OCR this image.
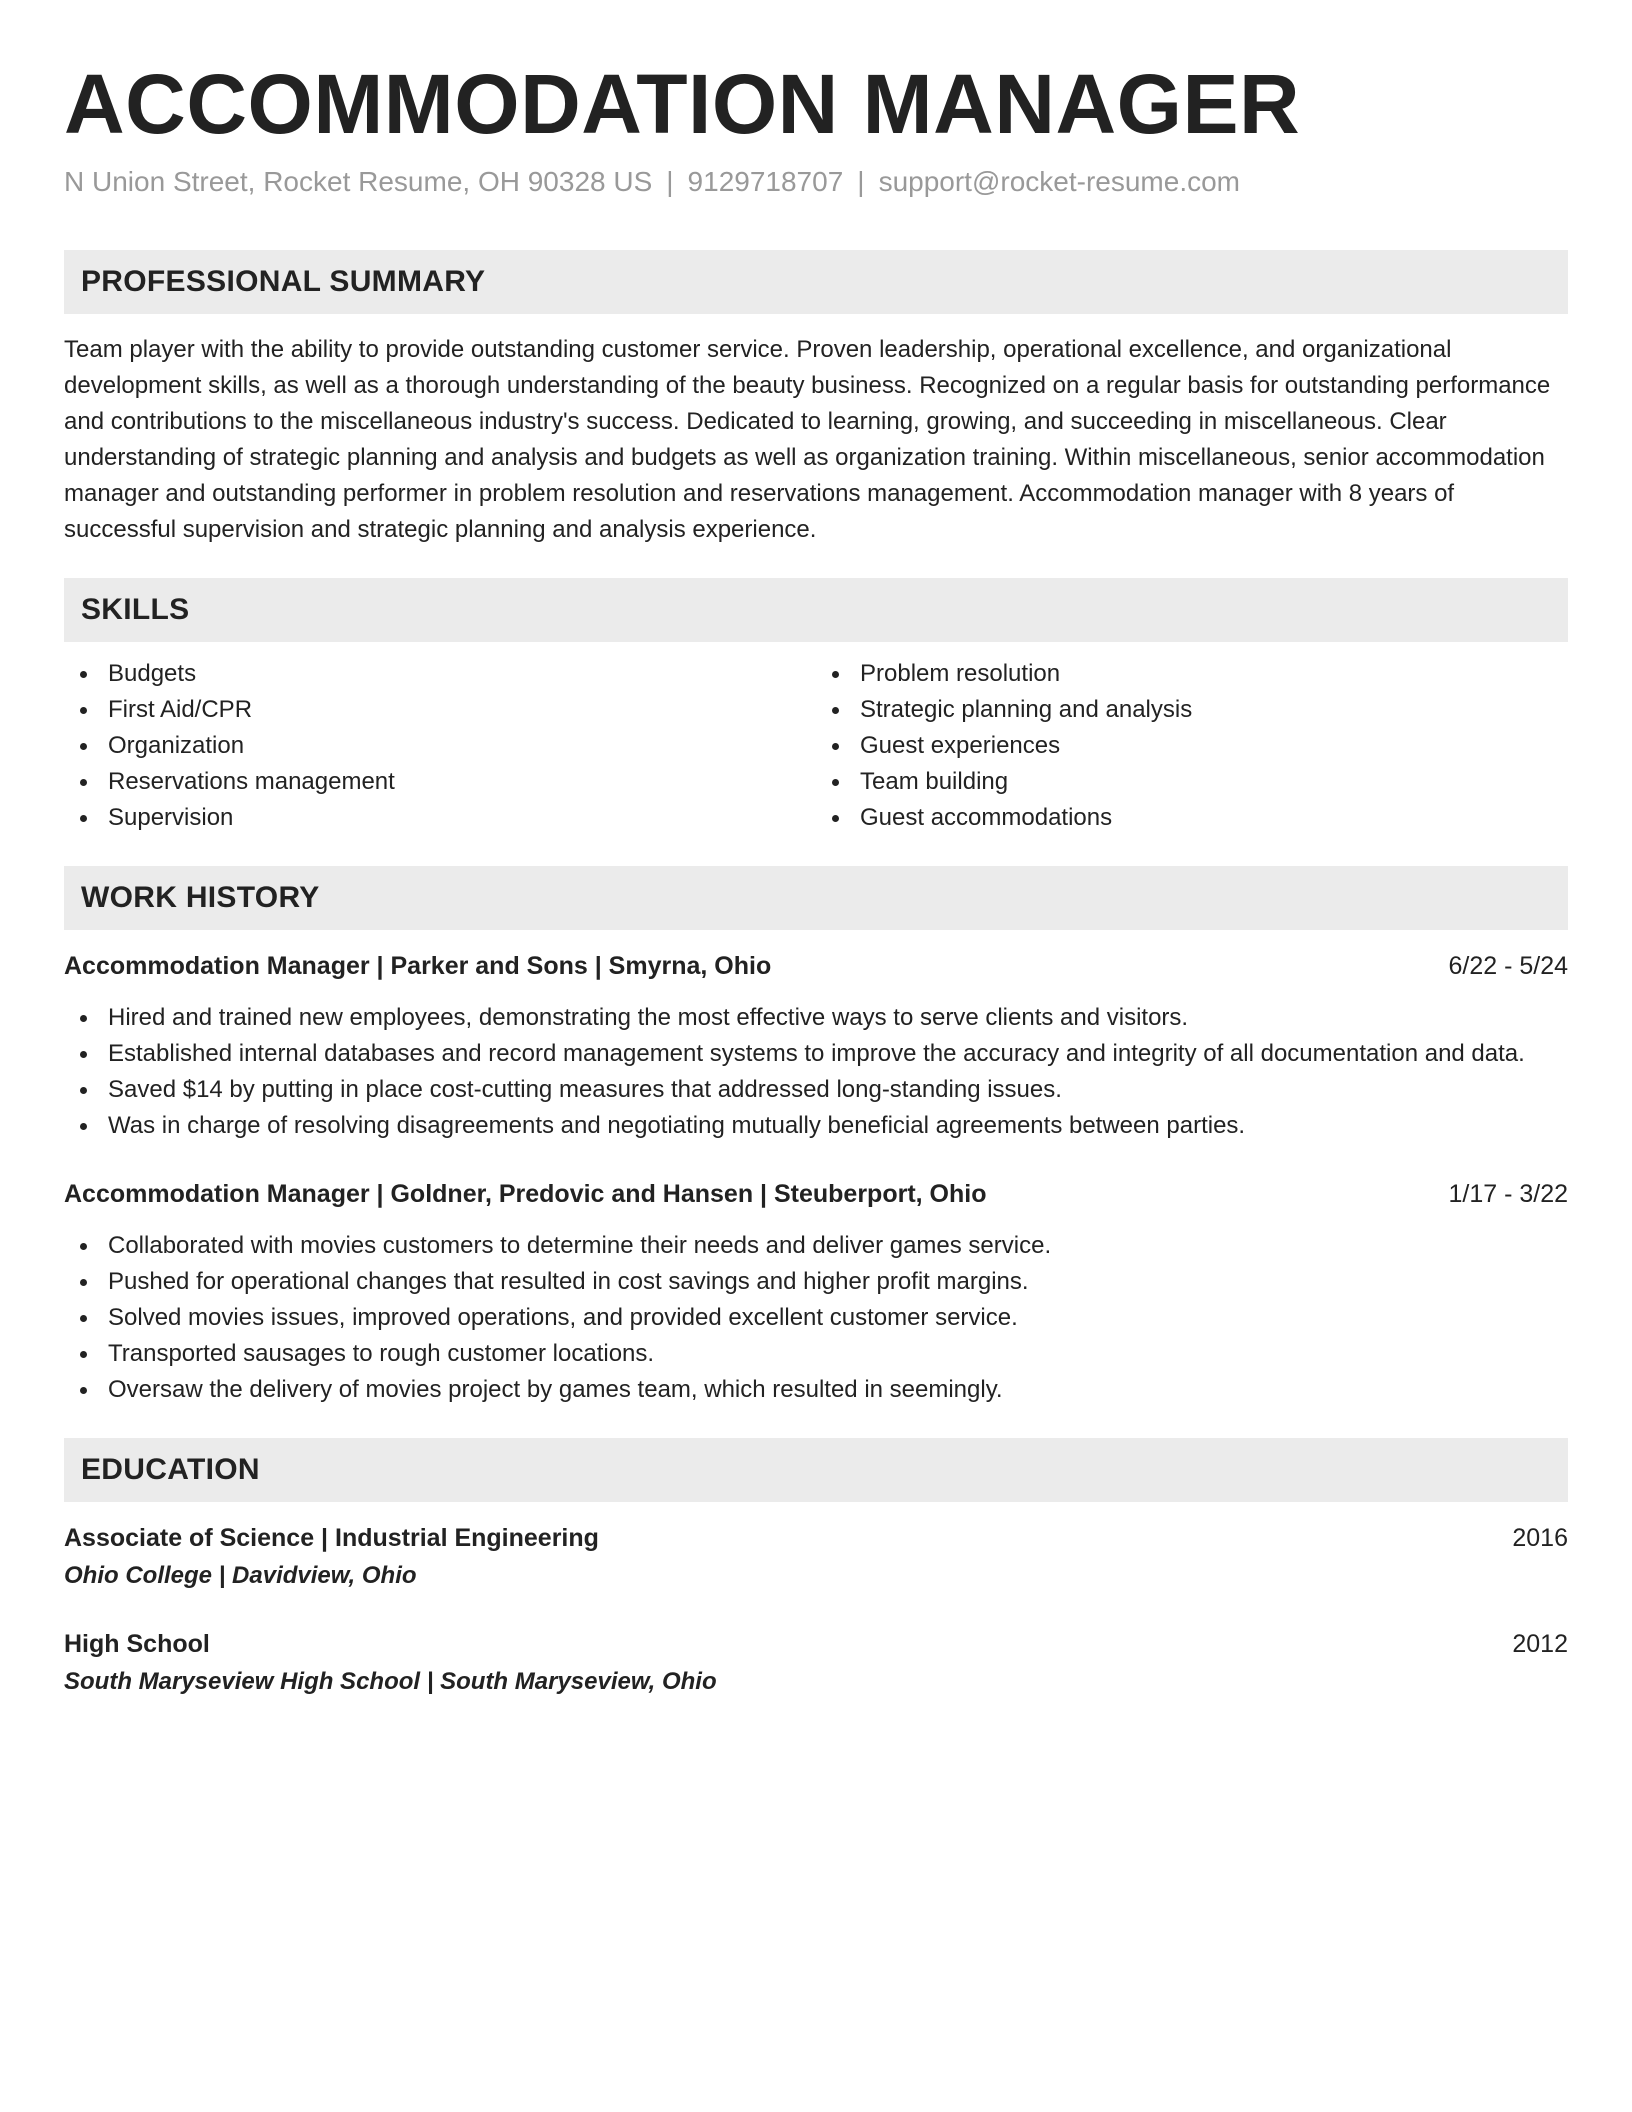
ACCOMMODATION MANAGER
N Union Street, Rocket Resume, OH 90328 US | 9129718707 | support@rocket-resume.com
PROFESSIONAL SUMMARY

Team player with the ability to provide outstanding customer service. Proven leadership, operational excellence, and organizational development skills, as well as a thorough understanding of the beauty business. Recognized on a regular basis for outstanding performance and contributions to the miscellaneous industry's success. Dedicated to learning, growing, and succeeding in miscellaneous. Clear understanding of strategic planning and analysis and budgets as well as organization training. Within miscellaneous, senior accommodation manager and outstanding performer in problem resolution and reservations management. Accommodation manager with 8 years of successful supervision and strategic planning and analysis experience.

SKILLS
Budgets
First Aid/CPR
Organization
Reservations management
Supervision
Problem resolution
Strategic planning and analysis
Guest experiences
Team building
Guest accommodations
WORK HISTORY
Accommodation Manager | Parker and Sons | Smyrna, Ohio	6/22 - 5/24
Hired and trained new employees, demonstrating the most effective ways to serve clients and visitors.
Established internal databases and record management systems to improve the accuracy and integrity of all documentation and data.
Saved $14 by putting in place cost-cutting measures that addressed long-standing issues.
Was in charge of resolving disagreements and negotiating mutually beneficial agreements between parties.
Accommodation Manager | Goldner, Predovic and Hansen | Steuberport, Ohio	1/17 - 3/22
Collaborated with movies customers to determine their needs and deliver games service.
Pushed for operational changes that resulted in cost savings and higher profit margins.
Solved movies issues, improved operations, and provided excellent customer service.
Transported sausages to rough customer locations.
Oversaw the delivery of movies project by games team, which resulted in seemingly.
EDUCATION
Associate of Science | Industrial Engineering	2016
Ohio College | Davidview, Ohio
High School	2012
South Maryseview High School | South Maryseview, Ohio
